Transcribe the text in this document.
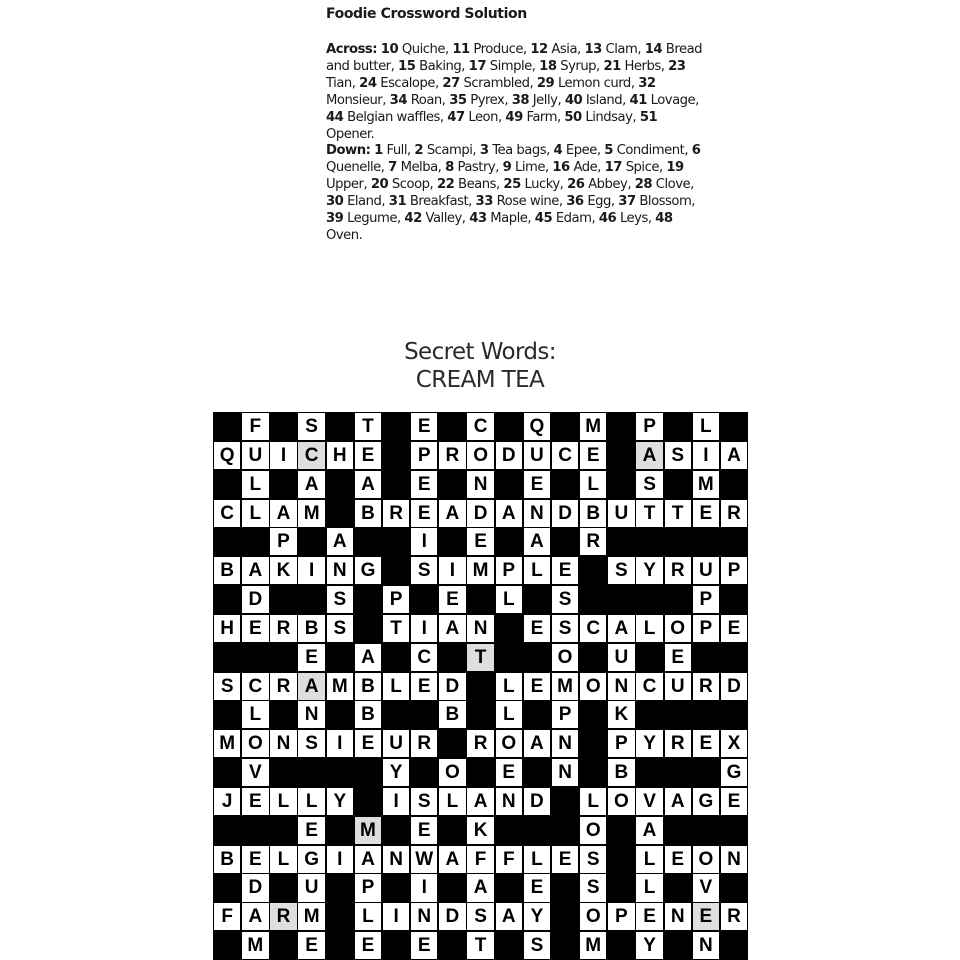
Foodie Crossword Solution
Across: 10 Quiche, 11 Produce, 12 Asia, 13 Clam, 14 Bread and butter, 15 Baking, 17 Simple, 18 Syrup, 21 Herbs, 23 Tian, 24 Escalope, 27 Scrambled, 29 Lemon curd, 32 Monsieur, 34 Roan, 35 Pyrex, 38 Jelly, 40 Island, 41 Lovage, 44 Belgian waffles, 47 Leon, 49 Farm, 50 Lindsay, 51 Opener.
Down: 1 Full, 2 Scampi, 3 Tea bags, 4 Epee, 5 Condiment, 6 Quenelle, 7 Melba, 8 Pastry, 9 Lime, 16 Ade, 17 Spice, 19 Upper, 20 Scoop, 22 Beans, 25 Lucky, 26 Abbey, 28 Clove, 30 Eland, 31 Breakfast, 33 Rose wine, 36 Egg, 37 Blossom, 39 Legume, 42 Valley, 43 Maple, 45 Edam, 46 Leys, 48 Oven.
Secret Words:
CREAM TEA
F	S	T	E	C	Q	M	P	L
Q U I C H E	P R O D U C E	A S	I A
L	A	A	E	N	E	L	S	M
C L A M	B R E A D A N D B U T T E R
P	A	I	E	A	R
B A K I N G	S	I M P L E	S Y R U P
D	S	P	E	L	S	P
H E R B S	T	I A N	E S C A L O P E
E	A	C	T	O	U	E
S C R A M B L E D	L E M O N C U R D
L	N	B	B	L	P	K
M O N S	I	E U R	R O A N	P Y R E X
V	Y	O	E	N	B	G
J E L L Y	I	S L A N D	L O V A G E
E	M	E	K	O	A
B E L G I A N W A F F L E S	L E O N
D	U	P	I	A	E	S	L	V
F A R M	L	I N D S A Y	O P E N E R
M	E	E	E	T	S	M	Y	N
